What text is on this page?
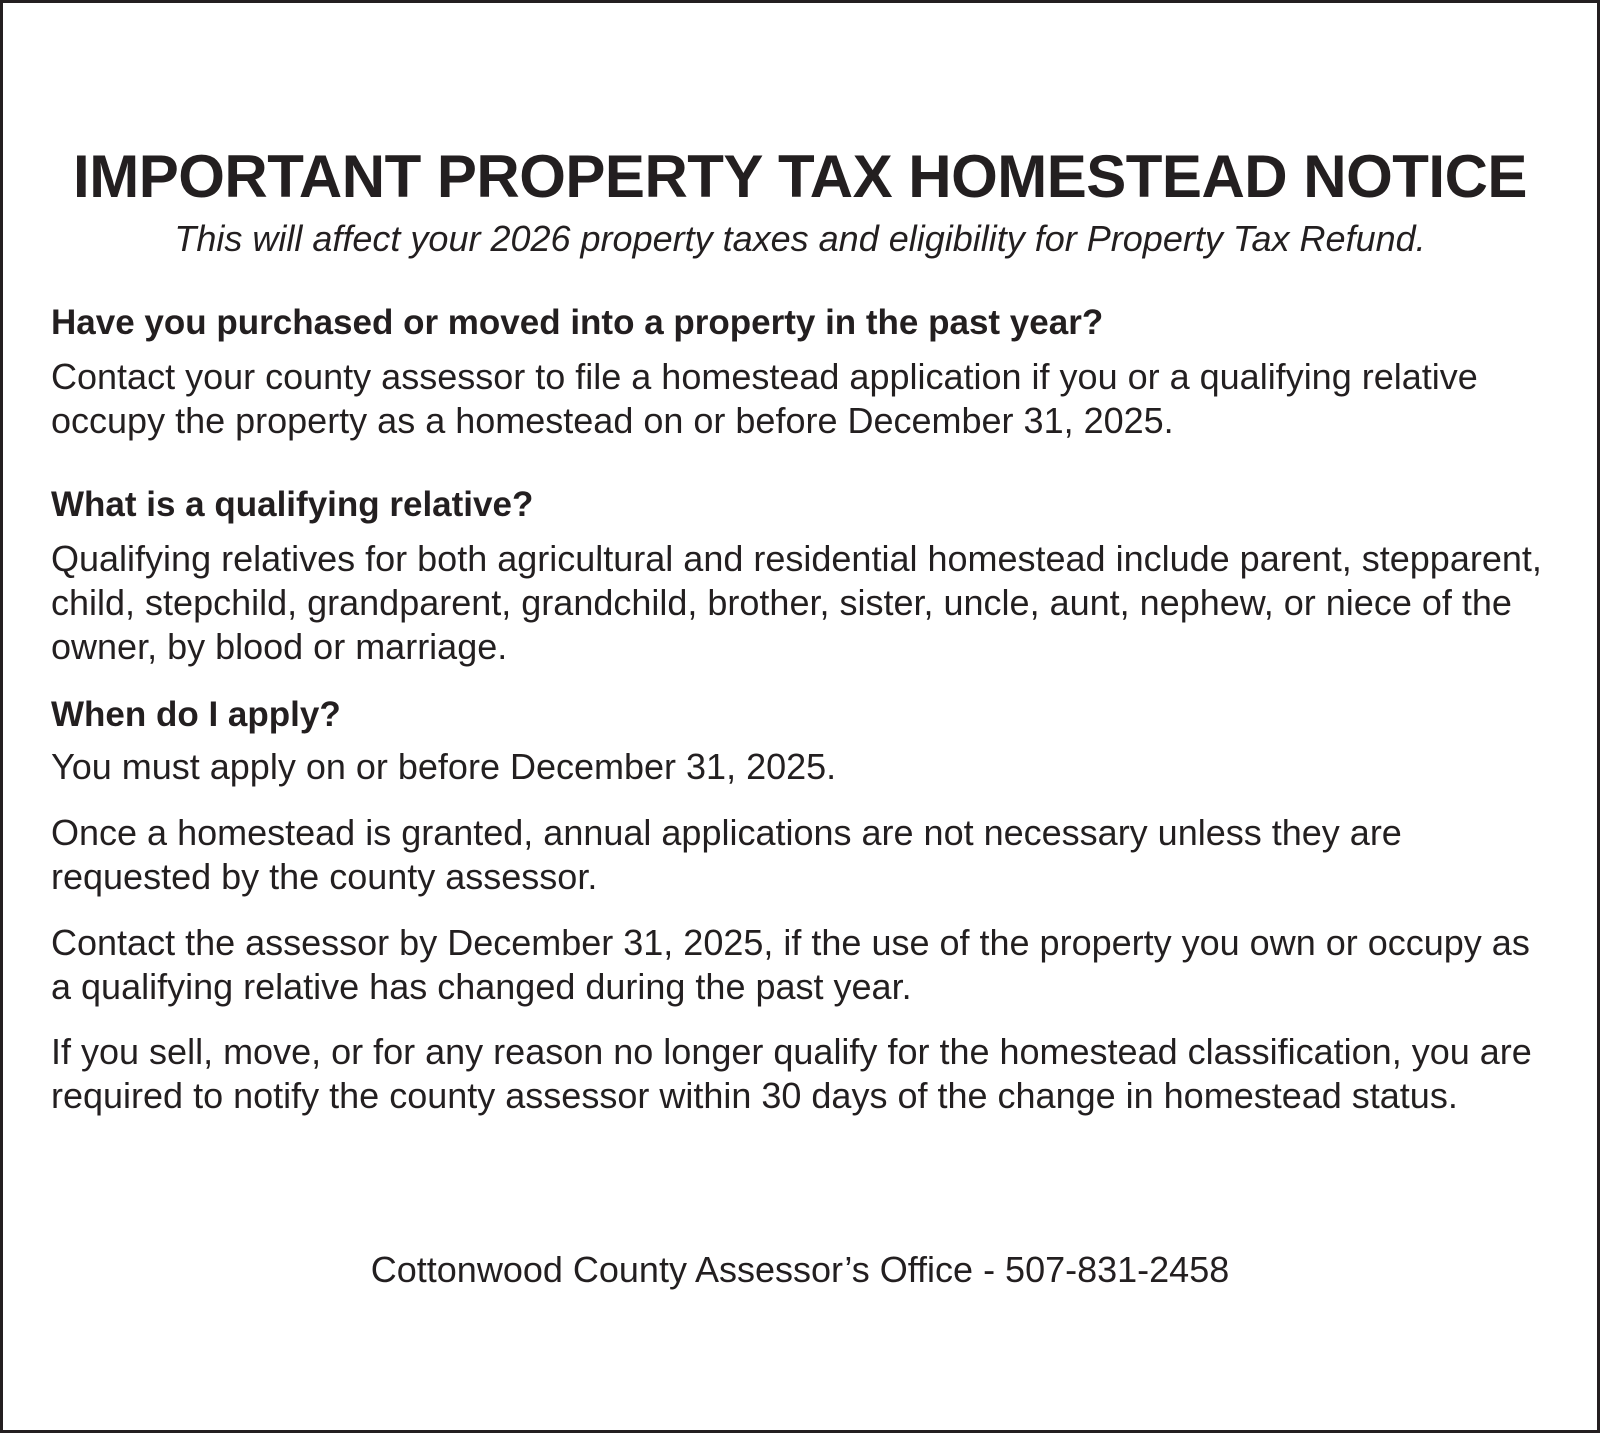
IMPORTANT PROPERTY TAX HOMESTEAD NOTICE

This will affect your 2026 property taxes and eligibility for Property Tax Refund.

Have you purchased or moved into a property in the past year?

Contact your county assessor to file a homestead application if you or a qualifying relative occupy the property as a homestead on or before December 31, 2025.

What is a qualifying relative?

Qualifying relatives for both agricultural and residential homestead include parent, stepparent, child, stepchild, grandparent, grandchild, brother, sister, uncle, aunt, nephew, or niece of the owner, by blood or marriage.

When do I apply?

You must apply on or before December 31, 2025.

Once a homestead is granted, annual applications are not necessary unless they are requested by the county assessor.

Contact the assessor by December 31, 2025, if the use of the property you own or occupy as a qualifying relative has changed during the past year.

If you sell, move, or for any reason no longer qualify for the homestead classification, you are required to notify the county assessor within 30 days of the change in homestead status.

Cottonwood County Assessor’s Office - 507-831-2458
